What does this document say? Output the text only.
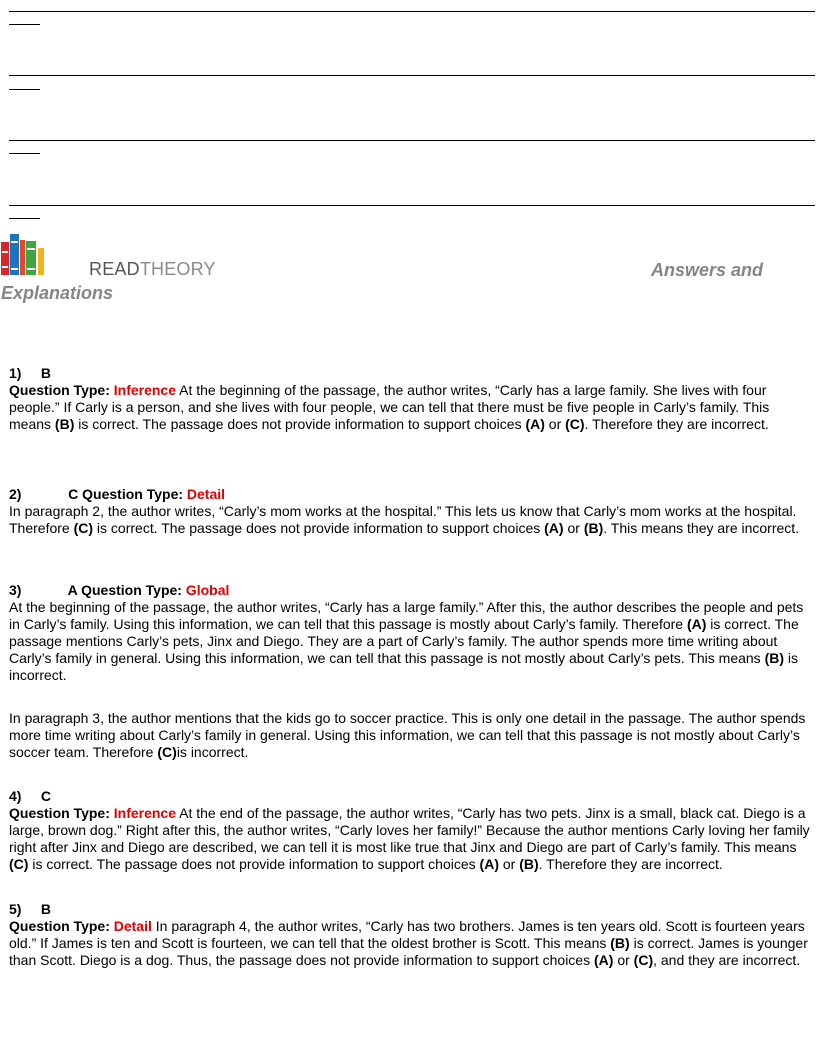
READTHEORY	Answers and
Explanations
1) B

Question Type: Inference At the beginning of the passage, the author writes, “Carly has a large family. She lives with four people.” If Carly is a person, and she lives with four people, we can tell that there must be five people in Carly’s family. This means (B) is correct. The passage does not provide information to support choices (A) or (C). Therefore they are incorrect.

2)	C Question Type: Detail

In paragraph 2, the author writes, “Carly’s mom works at the hospital.” This lets us know that Carly’s mom works at the hospital. Therefore (C) is correct. The passage does not provide information to support choices (A) or (B). This means they are incorrect.

3)	A Question Type: Global

At the beginning of the passage, the author writes, “Carly has a large family.” After this, the author describes the people and pets in Carly’s family. Using this information, we can tell that this passage is mostly about Carly’s family. Therefore (A) is correct. The passage mentions Carly’s pets, Jinx and Diego. They are a part of Carly’s family. The author spends more time writing about Carly’s family in general. Using this information, we can tell that this passage is not mostly about Carly’s pets. This means (B) is incorrect.

In paragraph 3, the author mentions that the kids go to soccer practice. This is only one detail in the passage. The author spends more time writing about Carly’s family in general. Using this information, we can tell that this passage is not mostly about Carly’s soccer team. Therefore (C)is incorrect.

4) C

Question Type: Inference At the end of the passage, the author writes, “Carly has two pets. Jinx is a small, black cat. Diego is a large, brown dog.” Right after this, the author writes, “Carly loves her family!” Because the author mentions Carly loving her family right after Jinx and Diego are described, we can tell it is most like true that Jinx and Diego are part of Carly’s family. This means (C) is correct. The passage does not provide information to support choices (A) or (B). Therefore they are incorrect.

5) B

Question Type: Detail In paragraph 4, the author writes, “Carly has two brothers. James is ten years old. Scott is fourteen years old.” If James is ten and Scott is fourteen, we can tell that the oldest brother is Scott. This means (B) is correct. James is younger than Scott. Diego is a dog. Thus, the passage does not provide information to support choices (A) or (C), and they are incorrect.
